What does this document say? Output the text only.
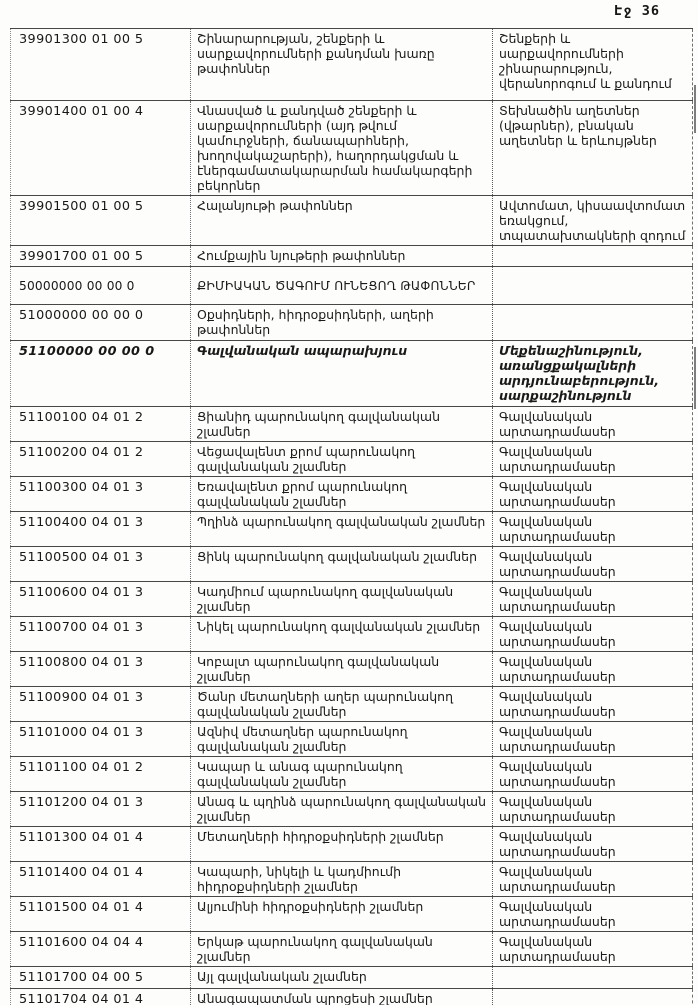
Էջ 36
39901300 01 00 5	Շինարարության, շենքերի և սարքավորումների քանդման խառը թափոններ	Շենքերի և սարքավորումների շինարարություն, վերանորոգում և քանդում
39901400 01 00 4	Վնասված և քանդված շենքերի և սարքավորումների (այդ թվում կամուրջների, ճանապարհների, խողովակաշարերի), հաղորդակցման և էներգամատակարարման համակարգերի բեկորներ	Տեխնածին աղետներ (վթարներ), բնական աղետներ և երևույթներ
39901500 01 00 5	Հալանյութի թափոններ	Ավտոմատ, կիսաավտոմատ եռակցում, տպատախտակների զոդում
39901700 01 00 5	Հումքային նյութերի թափոններ	
50000000 00 00 0	ՔԻՄԻԱԿԱՆ ԾԱԳՈՒՄ ՈՒՆԵՑՈՂ ԹԱՓՈՆՆԵՐ	
51000000 00 00 0	Օքսիդների, հիդրօքսիդների, աղերի թափոններ	
51100000 00 00 0	Գալվանական ապարախյուս	Մեքենաշինություն, առանցքակալների արդյունաբերություն, սարքաշինություն
51100100 04 01 2	Ցիանիդ պարունակող գալվանական շլամներ	Գալվանական արտադրամասեր
51100200 04 01 2	Վեցավալենտ քրոմ պարունակող գալվանական շլամներ	Գալվանական արտադրամասեր
51100300 04 01 3	Եռավալենտ քրոմ պարունակող գալվանական շլամներ	Գալվանական արտադրամասեր
51100400 04 01 3	Պղինձ պարունակող գալվանական շլամներ	Գալվանական արտադրամասեր
51100500 04 01 3	Ցինկ պարունակող գալվանական շլամներ	Գալվանական արտադրամասեր
51100600 04 01 3	Կադմիում պարունակող գալվանական շլամներ	Գալվանական արտադրամասեր
51100700 04 01 3	Նիկել պարունակող գալվանական շլամներ	Գալվանական արտադրամասեր
51100800 04 01 3	Կոբալտ պարունակող գալվանական շլամներ	Գալվանական արտադրամասեր
51100900 04 01 3	Ծանր մետաղների աղեր պարունակող գալվանական շլամներ	Գալվանական արտադրամասեր
51101000 04 01 3	Ազնիվ մետաղներ պարունակող գալվանական շլամներ	Գալվանական արտադրամասեր
51101100 04 01 2	Կապար և անագ պարունակող գալվանական շլամներ	Գալվանական արտադրամասեր
51101200 04 01 3	Անագ և պղինձ պարունակող գալվանական շլամներ	Գալվանական արտադրամասեր
51101300 04 01 4	Մետաղների հիդրօքսիդների շլամներ	Գալվանական արտադրամասեր
51101400 04 01 4	Կապարի, նիկելի և կադմիումի հիդրօքսիդների շլամներ	Գալվանական արտադրամասեր
51101500 04 01 4	Ալյումինի հիդրօքսիդների շլամներ	Գալվանական արտադրամասեր
51101600 04 04 4	Երկաթ պարունակող գալվանական շլամներ	Գալվանական արտադրամասեր
51101700 04 00 5	Այլ գալվանական շլամներ	
51101704 04 01 4	Անագապատման պրոցեսի շլամներ	
